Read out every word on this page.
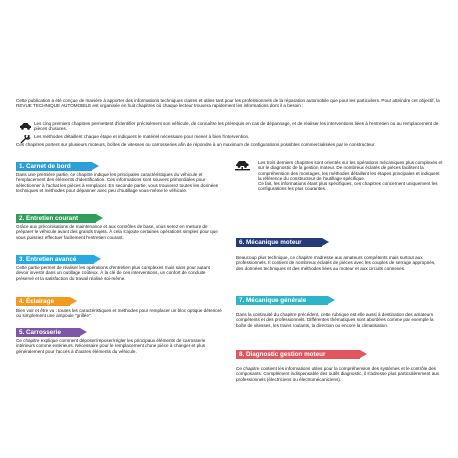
Cette publication a été conçue de manière à apporter des informations techniques claires et utiles tant pour les professionnels de la réparation automobile que pour les particuliers. Pour atteindre cet objectif, la REVUE TECHNIQUE AUTOMOBILE est organisée en huit chapitres où chaque lecteur trouvera rapidement les informations dont il a besoin :

Les cinq premiers chapitres permettent d'identifier précisément son véhicule, de connaître les prérequis en cas de dépannage, et de réaliser les interventions liées à l'entretien ou au remplacement de pièces d'usures.
Les méthodes détaillent chaque étape et indiquent le matériel nécessaire pour mener à bien l'intervention.

Ces chapitres portent sur plusieurs moteurs, boîtes de vitesses ou carrosseries afin de répondre à un maximum de configurations possibles commercialisées par le constructeur.

1. Carnet de bord

Dans une première partie, ce chapitre indique les principales caractéristiques du véhicule et l'emplacement des éléments d'identification. Ces informations sont souvent primordiales pour sélectionner à l'achat les pièces à remplacer. En seconde partie, vous trouverez toutes les données techniques et méthodes pour dépanner avec peu d'outillage vous-même le véhicule.

2. Entretien courant

Grâce aux préconisations de maintenance et aux contrôles de base, vous serez en mesure de préparer le véhicule avant des grands trajets. À cela s'ajoute certaines opérations simples pour que vous puissiez effectuer facilement l'entretien courant.

3. Entretien avancé

Cette partie permet de réaliser les opérations d'entretien plus complexes mais sans pour autant devoir investir dans un outillage coûteux. À la clé de ces interventions, un confort de conduite préservé et la satisfaction du travail réalisé soi-même.

4. Éclairage

Bien voir et être vu : toutes les caractéristiques et méthodes pour remplacer un bloc optique déterioré ou simplement une ampoule "grillée".

5. Carrosserie

Ce chapitre explique comment déposer/reposer/régler les principaux éléments de carrosserie intérieurs comme extérieurs. Nécessaire pour le remplacement d'une pièce à changer et plus généralement pour l'accès à d'autres éléments du véhicule.

Les trois derniers chapitres sont orientés sur les opérations mécaniques plus complexes et sur le diagnostic de la gestion moteur. De nombreux éclatés de pièces facilitent la compréhension des montages, les méthodes détaillent les étapes principales et indiquent la référence du constructeur de l'outillage spécifique.
Ce fait, les informations étant plus spécifiques, ces chapitres concernent uniquement les configurations les plus courantes.

6. Mécanique moteur

Beaucoup plus technique, ce chapitre s'adresse aux amateurs compétents mais surtout aux professionnels. Il contient de nombreux éclatés de pièces avec les couples de serrage appropriés, des données techniques et des méthodes liées au moteur et aux circuits connexes.

7. Mécanique générale

Dans la continuité du chapitre précédent, cette rubrique est elle aussi à destination des amateurs compétents et des professionnels. Différentes thématiques sont abordées comme par exemple la boîte de vitesses, les trains roulants, la direction ou encore la climatisation.

8. Diagnostic gestion moteur

Ce chapitre contient les informations utiles pour la compréhension des systèmes et le contrôle des composants. Complément indispensable des outils diagnostic, il s'adresse plus particulièrement aux professionnels (électriciens ou électromécaniciens).
